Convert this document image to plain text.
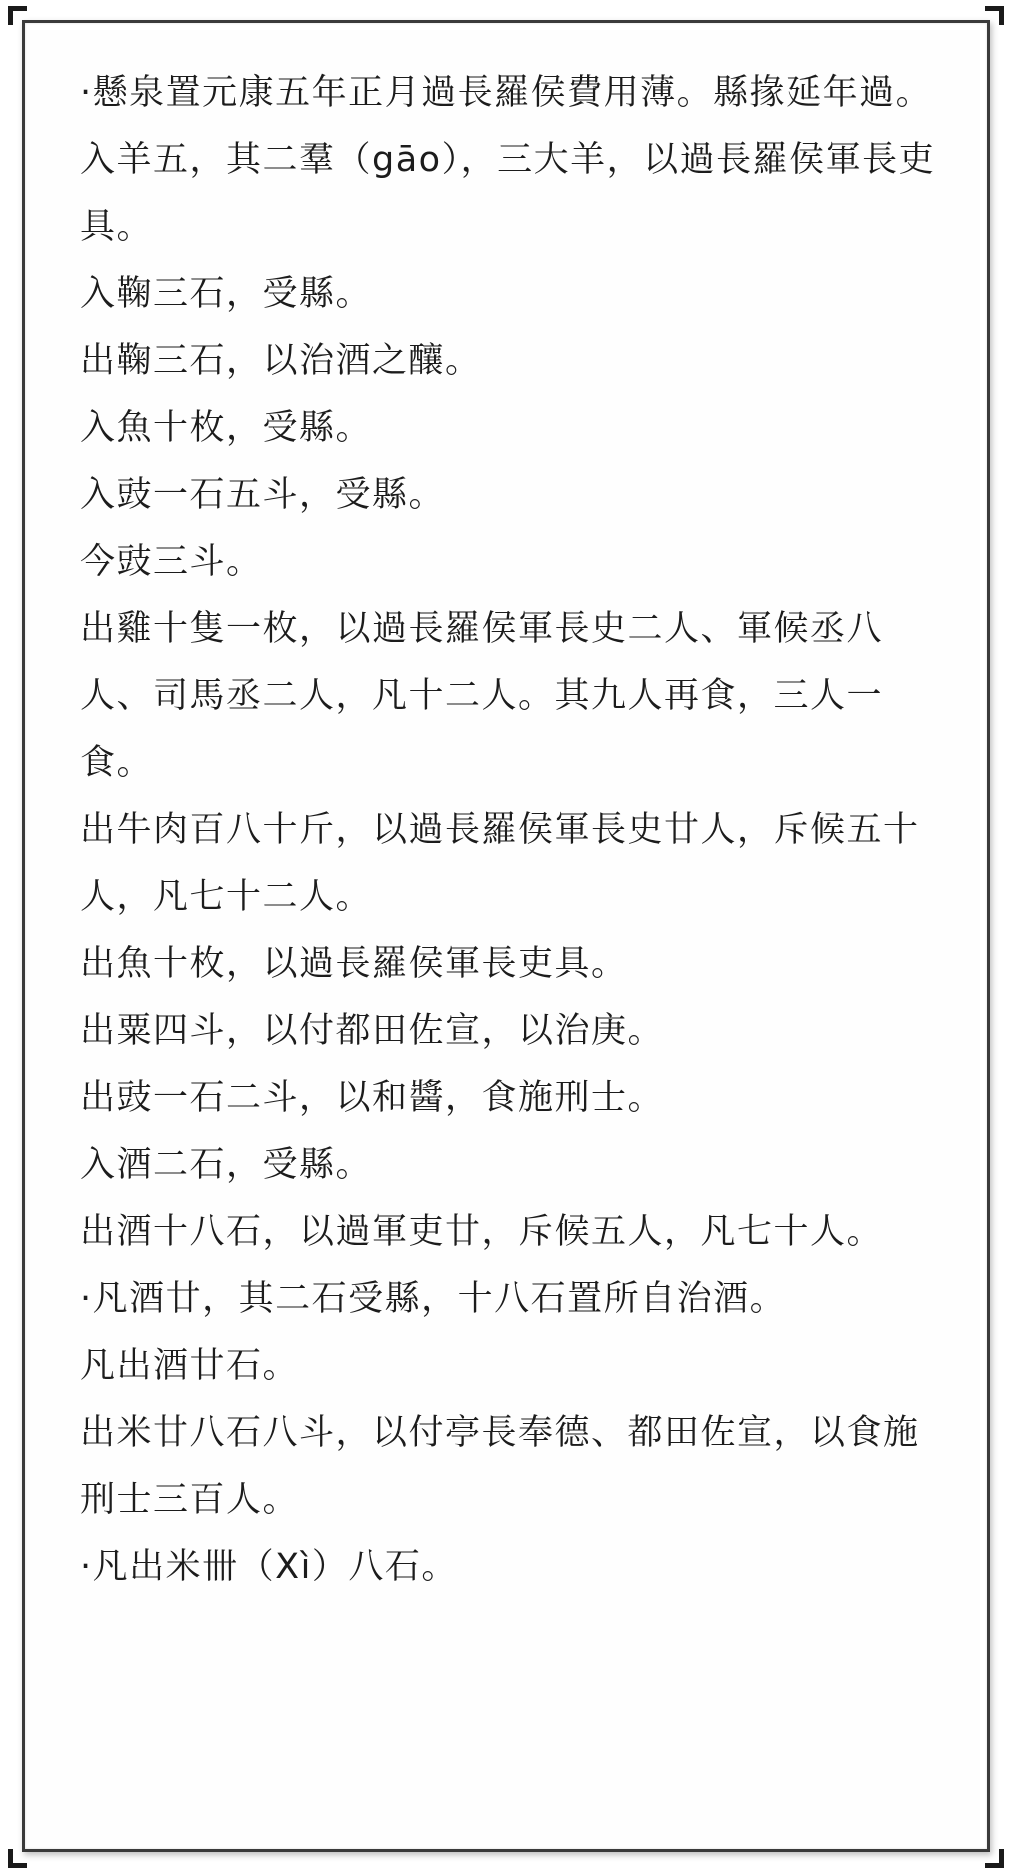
·懸泉置元康五年正月過長羅侯費用薄。縣掾延年過。

入羊五，其二羣（gāo），三大羊，以過長羅侯軍長吏具。

入鞠三石，受縣。

出鞠三石，以治酒之釀。

入魚十枚，受縣。

入豉一石五斗，受縣。

今豉三斗。

出雞十隻一枚，以過長羅侯軍長史二人、軍候丞八人、司馬丞二人，凡十二人。其九人再食，三人一食。

出牛肉百八十斤，以過長羅侯軍長史廿人，斥候五十人，凡七十二人。

出魚十枚，以過長羅侯軍長吏具。

出粟四斗，以付都田佐宣，以治庚。

出豉一石二斗，以和醬，食施刑士。

入酒二石，受縣。

出酒十八石，以過軍吏廿，斥候五人，凡七十人。

·凡酒廿，其二石受縣，十八石置所自治酒。

凡出酒廿石。

出米廿八石八斗，以付亭長奉德、都田佐宣，以食施刑士三百人。

·凡出米卌（Xì）八石。
